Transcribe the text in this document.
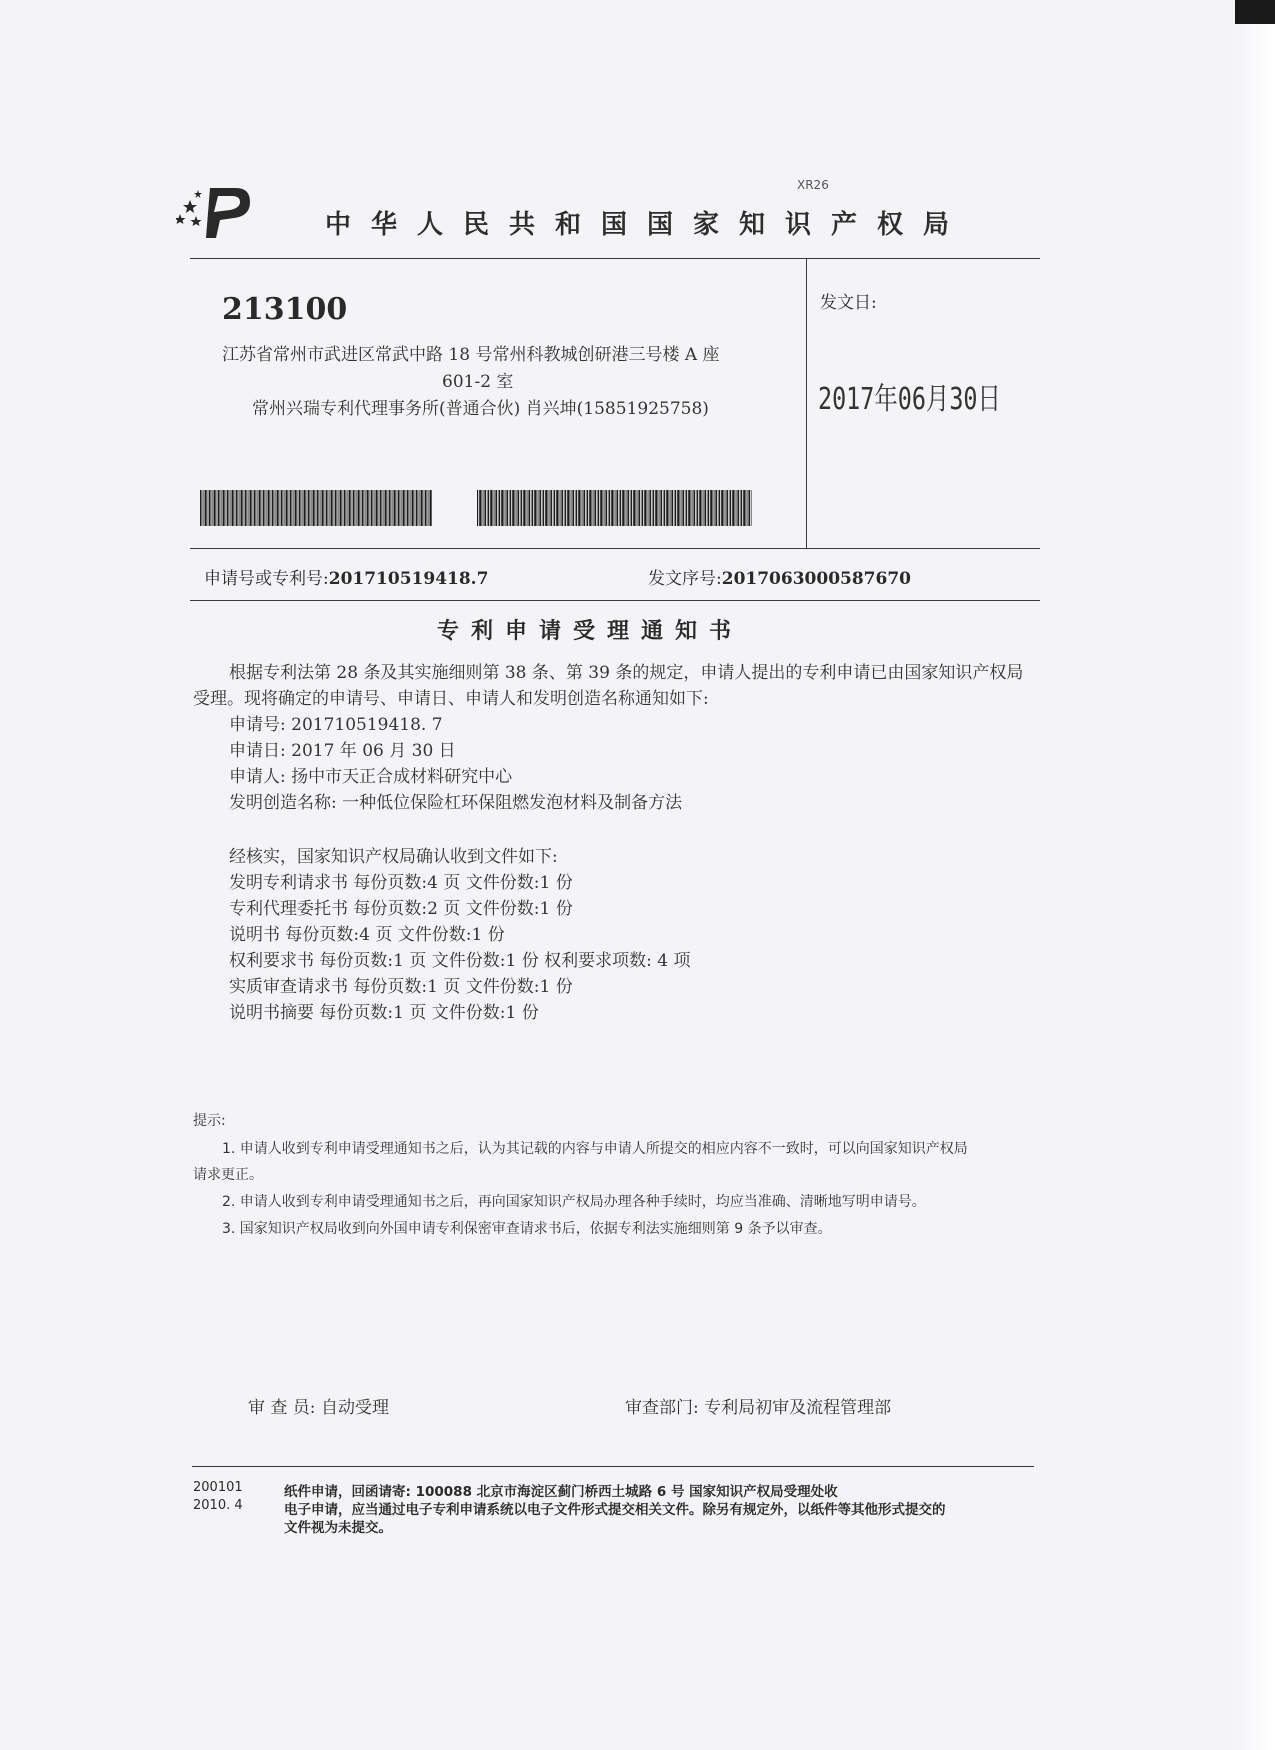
XR26
中华人民共和国国家知识产权局
213100
江苏省常州市武进区常武中路 18 号常州科教城创研港三号楼 A 座
601-2 室
常州兴瑞专利代理事务所(普通合伙) 肖兴坤(15851925758)
发文日:
2017年06月30日
申请号或专利号:201710519418.7	发文序号:2017063000587670
专利申请受理通知书
根据专利法第 28 条及其实施细则第 38 条、第 39 条的规定，申请人提出的专利申请已由国家知识产权局
受理。现将确定的申请号、申请日、申请人和发明创造名称通知如下:
申请号: 201710519418. 7
申请日: 2017 年 06 月 30 日
申请人: 扬中市天正合成材料研究中心
发明创造名称: 一种低位保险杠环保阻燃发泡材料及制备方法
经核实，国家知识产权局确认收到文件如下:
发明专利请求书 每份页数:4 页 文件份数:1 份
专利代理委托书 每份页数:2 页 文件份数:1 份
说明书 每份页数:4 页 文件份数:1 份
权利要求书 每份页数:1 页 文件份数:1 份 权利要求项数: 4 项
实质审查请求书 每份页数:1 页 文件份数:1 份
说明书摘要 每份页数:1 页 文件份数:1 份
提示:
1. 申请人收到专利申请受理通知书之后，认为其记载的内容与申请人所提交的相应内容不一致时，可以向国家知识产权局
请求更正。
2. 申请人收到专利申请受理通知书之后，再向国家知识产权局办理各种手续时，均应当准确、清晰地写明申请号。
3. 国家知识产权局收到向外国申请专利保密审查请求书后，依据专利法实施细则第 9 条予以审查。
审 查 员: 自动受理	审查部门: 专利局初审及流程管理部
200101
2010. 4
纸件申请，回函请寄: 100088 北京市海淀区蓟门桥西土城路 6 号 国家知识产权局受理处收
电子申请，应当通过电子专利申请系统以电子文件形式提交相关文件。除另有规定外，以纸件等其他形式提交的
文件视为未提交。
